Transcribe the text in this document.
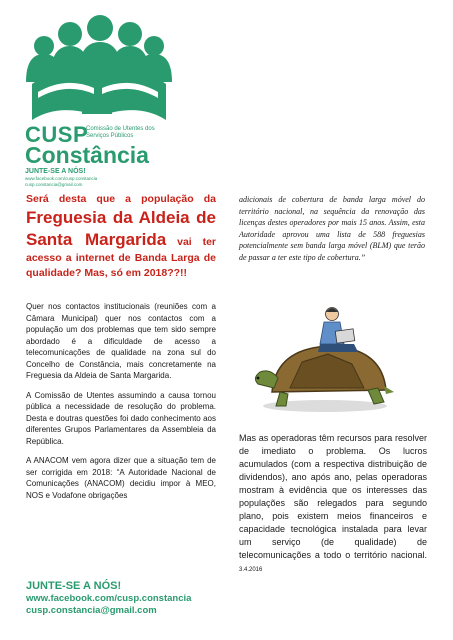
CUSP
Comissão de Utentes dos Serviços Públicos
Constância
JUNTE-SE A NÓS!
www.facebook.com/cusp.constancia
cusp.constancia@gmail.com

Será desta que a população da Freguesia da Aldeia de Santa Margarida vai ter acesso a internet de Banda Larga de qualidade? Mas, só em 2018??!!

Quer nos contactos institucionais (reuniões com a Câmara Municipal) quer nos contactos com a população um dos problemas que tem sido sempre abordado é a dificuldade de acesso a telecomunicações de qualidade na zona sul do Concelho de Constância, mais concretamente na Freguesia da Aldeia de Santa Margarida.

A Comissão de Utentes assumindo a causa tornou pública a necessidade de resolução do problema. Desta e doutras questões foi dado conhecimento aos diferentes Grupos Parlamentares da Assembleia da República.

A ANACOM vem agora dizer que a situação tem de ser corrigida em 2018: “A Autoridade Nacional de Comunicações (ANACOM) decidiu impor à MEO, NOS e Vodafone obrigações

adicionais de cobertura de banda larga móvel do território nacional, na sequência da renovação das licenças destes operadores por mais 15 anos. Assim, esta Autoridade aprovou uma lista de 588 freguesias potencialmente sem banda larga móvel (BLM) que terão de passar a ter este tipo de cobertura.”

Mas as operadoras têm recursos para resolver de imediato o problema. Os lucros acumulados (com a respectiva distribuição de dividendos), ano após ano, pelas operadoras mostram à evidência que os interesses das populações são relegados para segundo plano, pois existem meios financeiros e capacidade tecnológica instalada para levar um serviço (de qualidade) de telecomunicações a todo o território nacional. 3.4.2016

JUNTE-SE A NÓS!
www.facebook.com/cusp.constancia
cusp.constancia@gmail.com
